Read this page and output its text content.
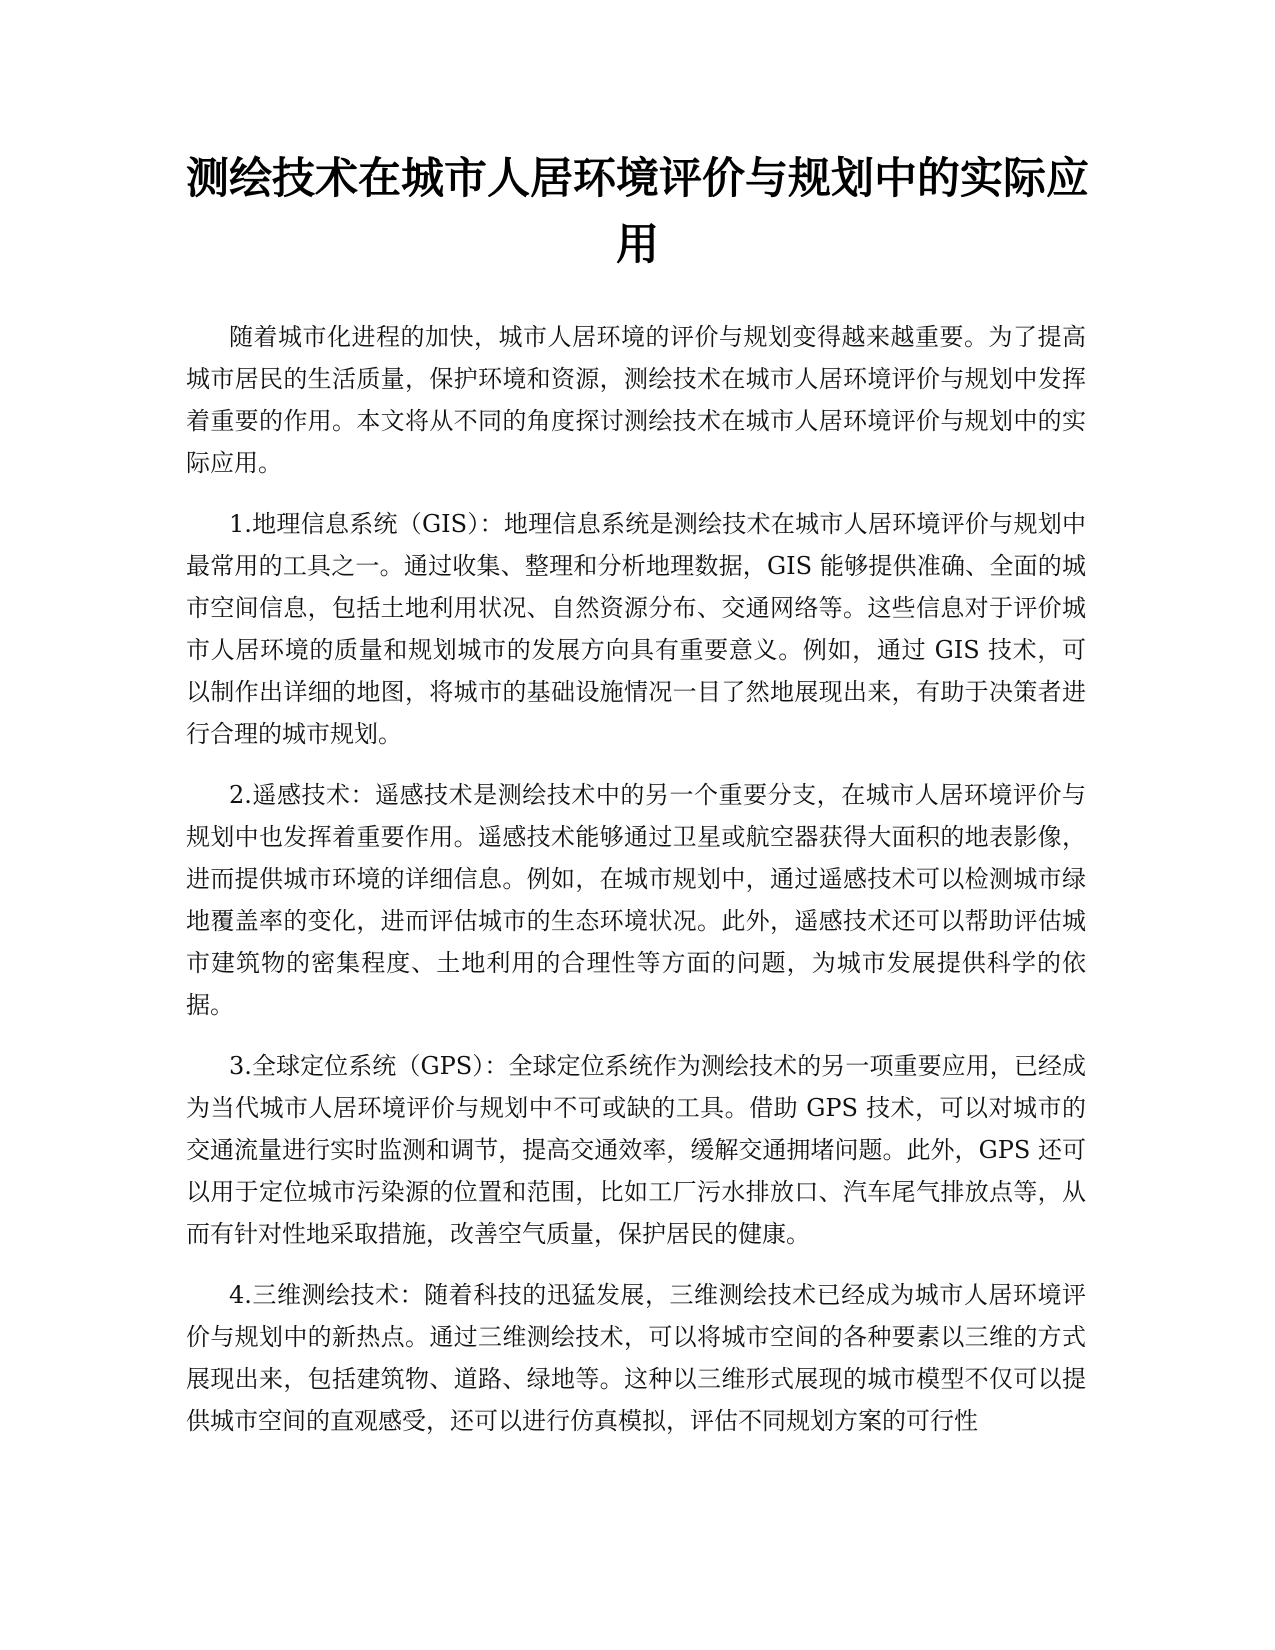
测绘技术在城市人居环境评价与规划中的实际应用

随着城市化进程的加快，城市人居环境的评价与规划变得越来越重要。为了提高城市居民的生活质量，保护环境和资源，测绘技术在城市人居环境评价与规划中发挥着重要的作用。本文将从不同的角度探讨测绘技术在城市人居环境评价与规划中的实际应用。

1.地理信息系统（GIS）：地理信息系统是测绘技术在城市人居环境评价与规划中最常用的工具之一。通过收集、整理和分析地理数据，GIS 能够提供准确、全面的城市空间信息，包括土地利用状况、自然资源分布、交通网络等。这些信息对于评价城市人居环境的质量和规划城市的发展方向具有重要意义。例如，通过 GIS 技术，可以制作出详细的地图，将城市的基础设施情况一目了然地展现出来，有助于决策者进行合理的城市规划。

2.遥感技术：遥感技术是测绘技术中的另一个重要分支，在城市人居环境评价与规划中也发挥着重要作用。遥感技术能够通过卫星或航空器获得大面积的地表影像，进而提供城市环境的详细信息。例如，在城市规划中，通过遥感技术可以检测城市绿地覆盖率的变化，进而评估城市的生态环境状况。此外，遥感技术还可以帮助评估城市建筑物的密集程度、土地利用的合理性等方面的问题，为城市发展提供科学的依据。

3.全球定位系统（GPS）：全球定位系统作为测绘技术的另一项重要应用，已经成为当代城市人居环境评价与规划中不可或缺的工具。借助 GPS 技术，可以对城市的交通流量进行实时监测和调节，提高交通效率，缓解交通拥堵问题。此外，GPS 还可以用于定位城市污染源的位置和范围，比如工厂污水排放口、汽车尾气排放点等，从而有针对性地采取措施，改善空气质量，保护居民的健康。

4.三维测绘技术：随着科技的迅猛发展，三维测绘技术已经成为城市人居环境评价与规划中的新热点。通过三维测绘技术，可以将城市空间的各种要素以三维的方式展现出来，包括建筑物、道路、绿地等。这种以三维形式展现的城市模型不仅可以提供城市空间的直观感受，还可以进行仿真模拟，评估不同规划方案的可行性
